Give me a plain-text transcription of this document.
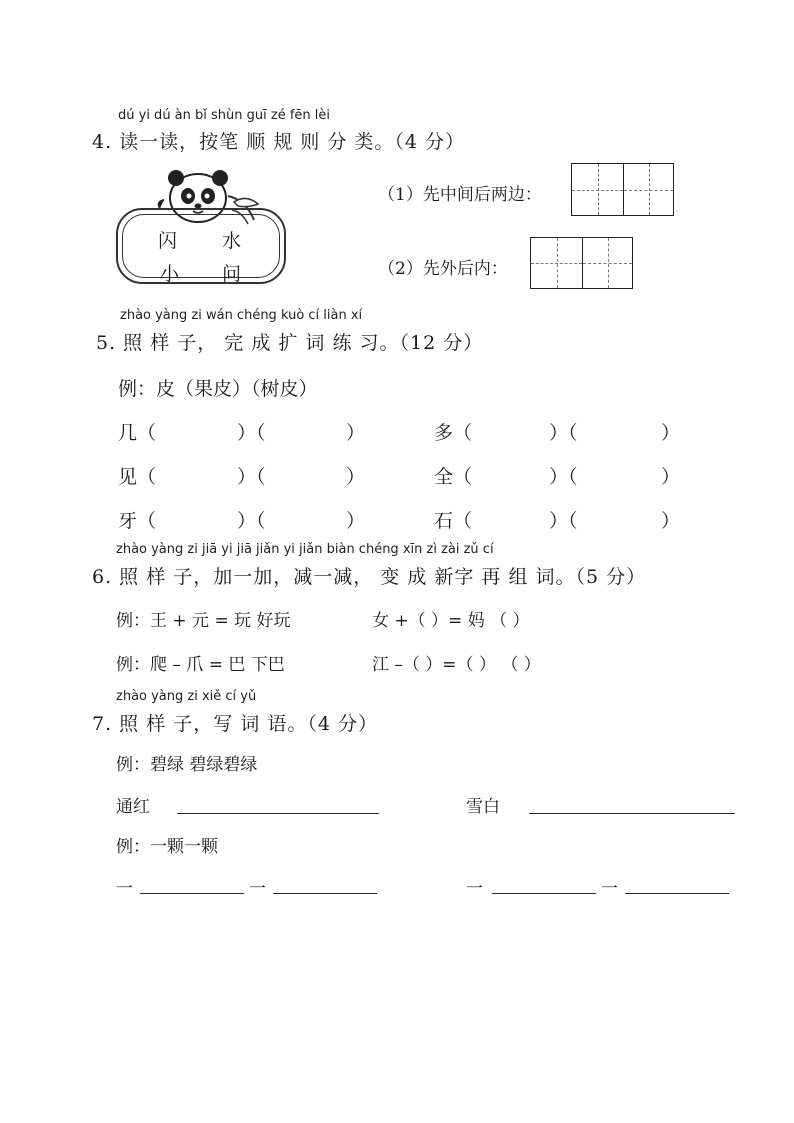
dú yi dú àn bǐ shùn guī zé fēn lèi
4. 读一读，按笔 顺 规 则 分 类。（4 分）
闪 水
小 问
（1）先中间后两边：
（2）先外后内：
zhào yàng zi wán chéng kuò cí liàn xí
5. 照 样 子， 完 成 扩 词 练 习。（12 分）
例：皮（果皮）（树皮）
几（	）（	）	多（	）（	）
见（	）（	）	全（	）（	）
牙（	）（	）	石（	）（	）
zhào yàng zi jiā yi jiā jiǎn yi jiǎn biàn chéng xīn zì zài zǔ cí
6. 照 样 子，加一加，减一减， 变 成 新字 再 组 词。（5 分）
例：王 + 元 = 玩 好玩	女 +（ ）= 妈 （ ）
例：爬 – 爪 = 巴 下巴	江 –（ ）=（ ） （ ）
zhào yàng zi xiě cí yǔ
7. 照 样 子，写 词 语。（4 分）
例：碧绿 碧绿碧绿
通红	雪白
例：一颗一颗
一	一	一	一
